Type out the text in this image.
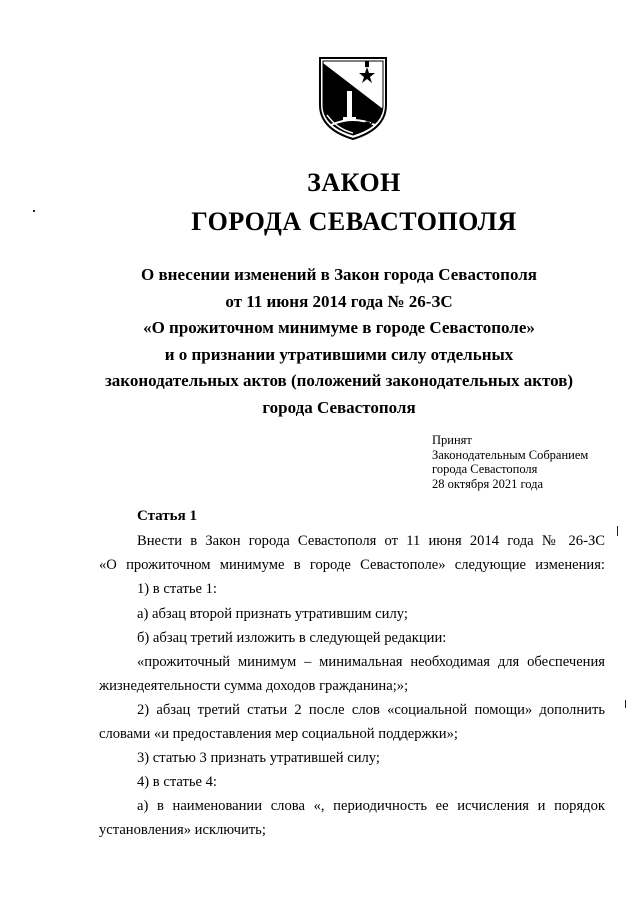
ЗАКОН
ГОРОДА СЕВАСТОПОЛЯ
О внесении изменений в Закон города Севастополя
от 11 июня 2014 года № 26-ЗС
«О прожиточном минимуме в городе Севастополе»
и о признании утратившими силу отдельных
законодательных актов (положений законодательных актов)
города Севастополя
Принят
Законодательным Собранием
города Севастополя
28 октября 2021 года
Статья 1
Внести в Закон города Севастополя от 11 июня 2014 года № 26-ЗС
«О прожиточном минимуме в городе Севастополе» следующие изменения:
1) в статье 1:
а) абзац второй признать утратившим силу;
б) абзац третий изложить в следующей редакции:
«прожиточный минимум – минимальная необходимая для обеспечения
жизнедеятельности сумма доходов гражданина;»;
2) абзац третий статьи 2 после слов «социальной помощи» дополнить
словами «и предоставления мер социальной поддержки»;
3) статью 3 признать утратившей силу;
4) в статье 4:
а) в наименовании слова «, периодичность ее исчисления и порядок
установления» исключить;
